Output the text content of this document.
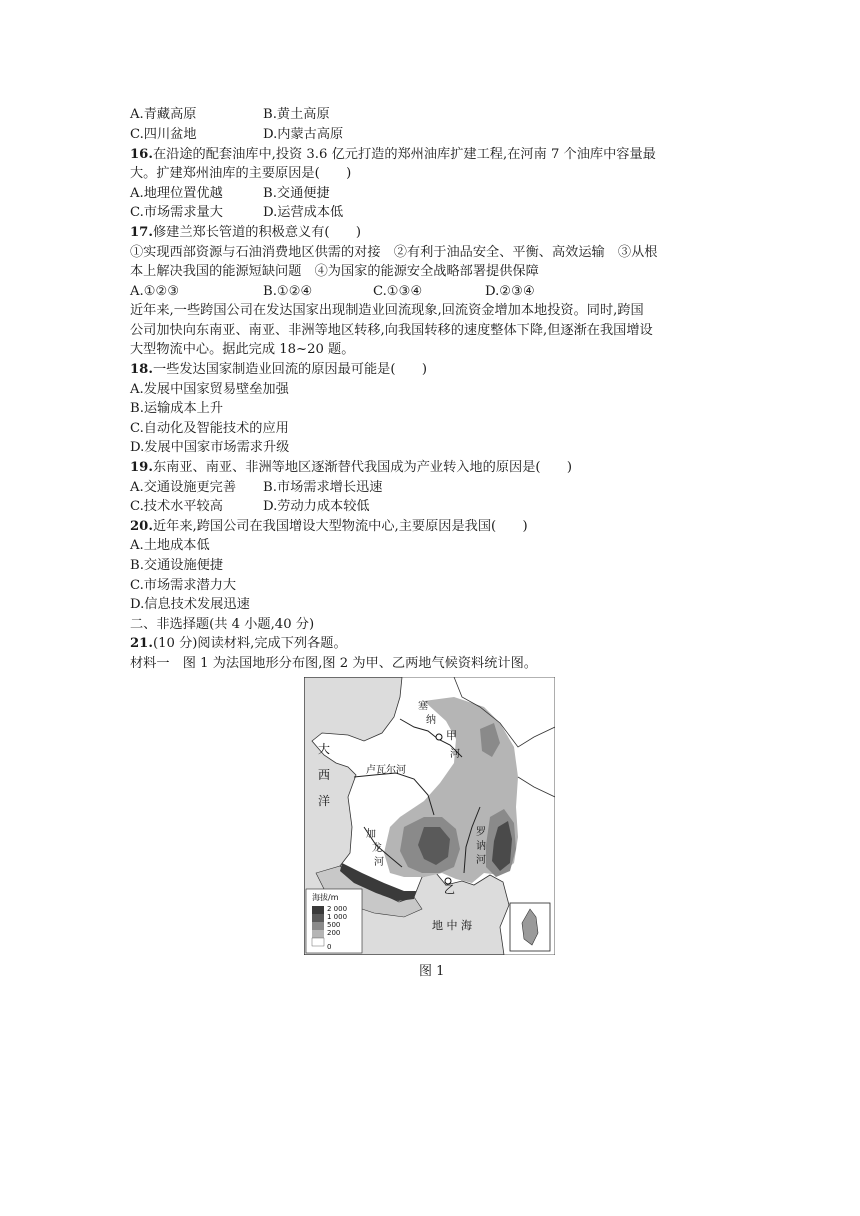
A.青藏高原	B.黄土高原
C.四川盆地	D.内蒙古高原
16.在沿途的配套油库中,投资 3.6 亿元打造的郑州油库扩建工程,在河南 7 个油库中容量最
大。扩建郑州油库的主要原因是(　　)
A.地理位置优越	B.交通便捷
C.市场需求量大	D.运营成本低
17.修建兰郑长管道的积极意义有(　　)
①实现西部资源与石油消费地区供需的对接　②有利于油品安全、平衡、高效运输　③从根
本上解决我国的能源短缺问题　④为国家的能源安全战略部署提供保障
A.①②③	B.①②④	C.①③④	D.②③④
近年来,一些跨国公司在发达国家出现制造业回流现象,回流资金增加本地投资。同时,跨国
公司加快向东南亚、南亚、非洲等地区转移,向我国转移的速度整体下降,但逐渐在我国增设
大型物流中心。据此完成 18~20 题。
18.一些发达国家制造业回流的原因最可能是(　　)
A.发展中国家贸易壁垒加强
B.运输成本上升
C.自动化及智能技术的应用
D.发展中国家市场需求升级
19.东南亚、南亚、非洲等地区逐渐替代我国成为产业转入地的原因是(　　)
A.交通设施更完善 B.市场需求增长迅速
C.技术水平较高	D.劳动力成本较低
20.近年来,跨国公司在我国增设大型物流中心,主要原因是我国(　　)
A.土地成本低
B.交通设施便捷
C.市场需求潜力大
D.信息技术发展迅速
二、非选择题(共 4 小题,40 分)
21.(10 分)阅读材料,完成下列各题。
材料一　图 1 为法国地形分布图,图 2 为甲、乙两地气候资料统计图。
大
西
洋
塞
纳
河
甲
卢瓦尔河
加
龙
河
罗
讷
河
乙
地 中 海
海拔/m
2 000
1 000
500
200
0
图 1
